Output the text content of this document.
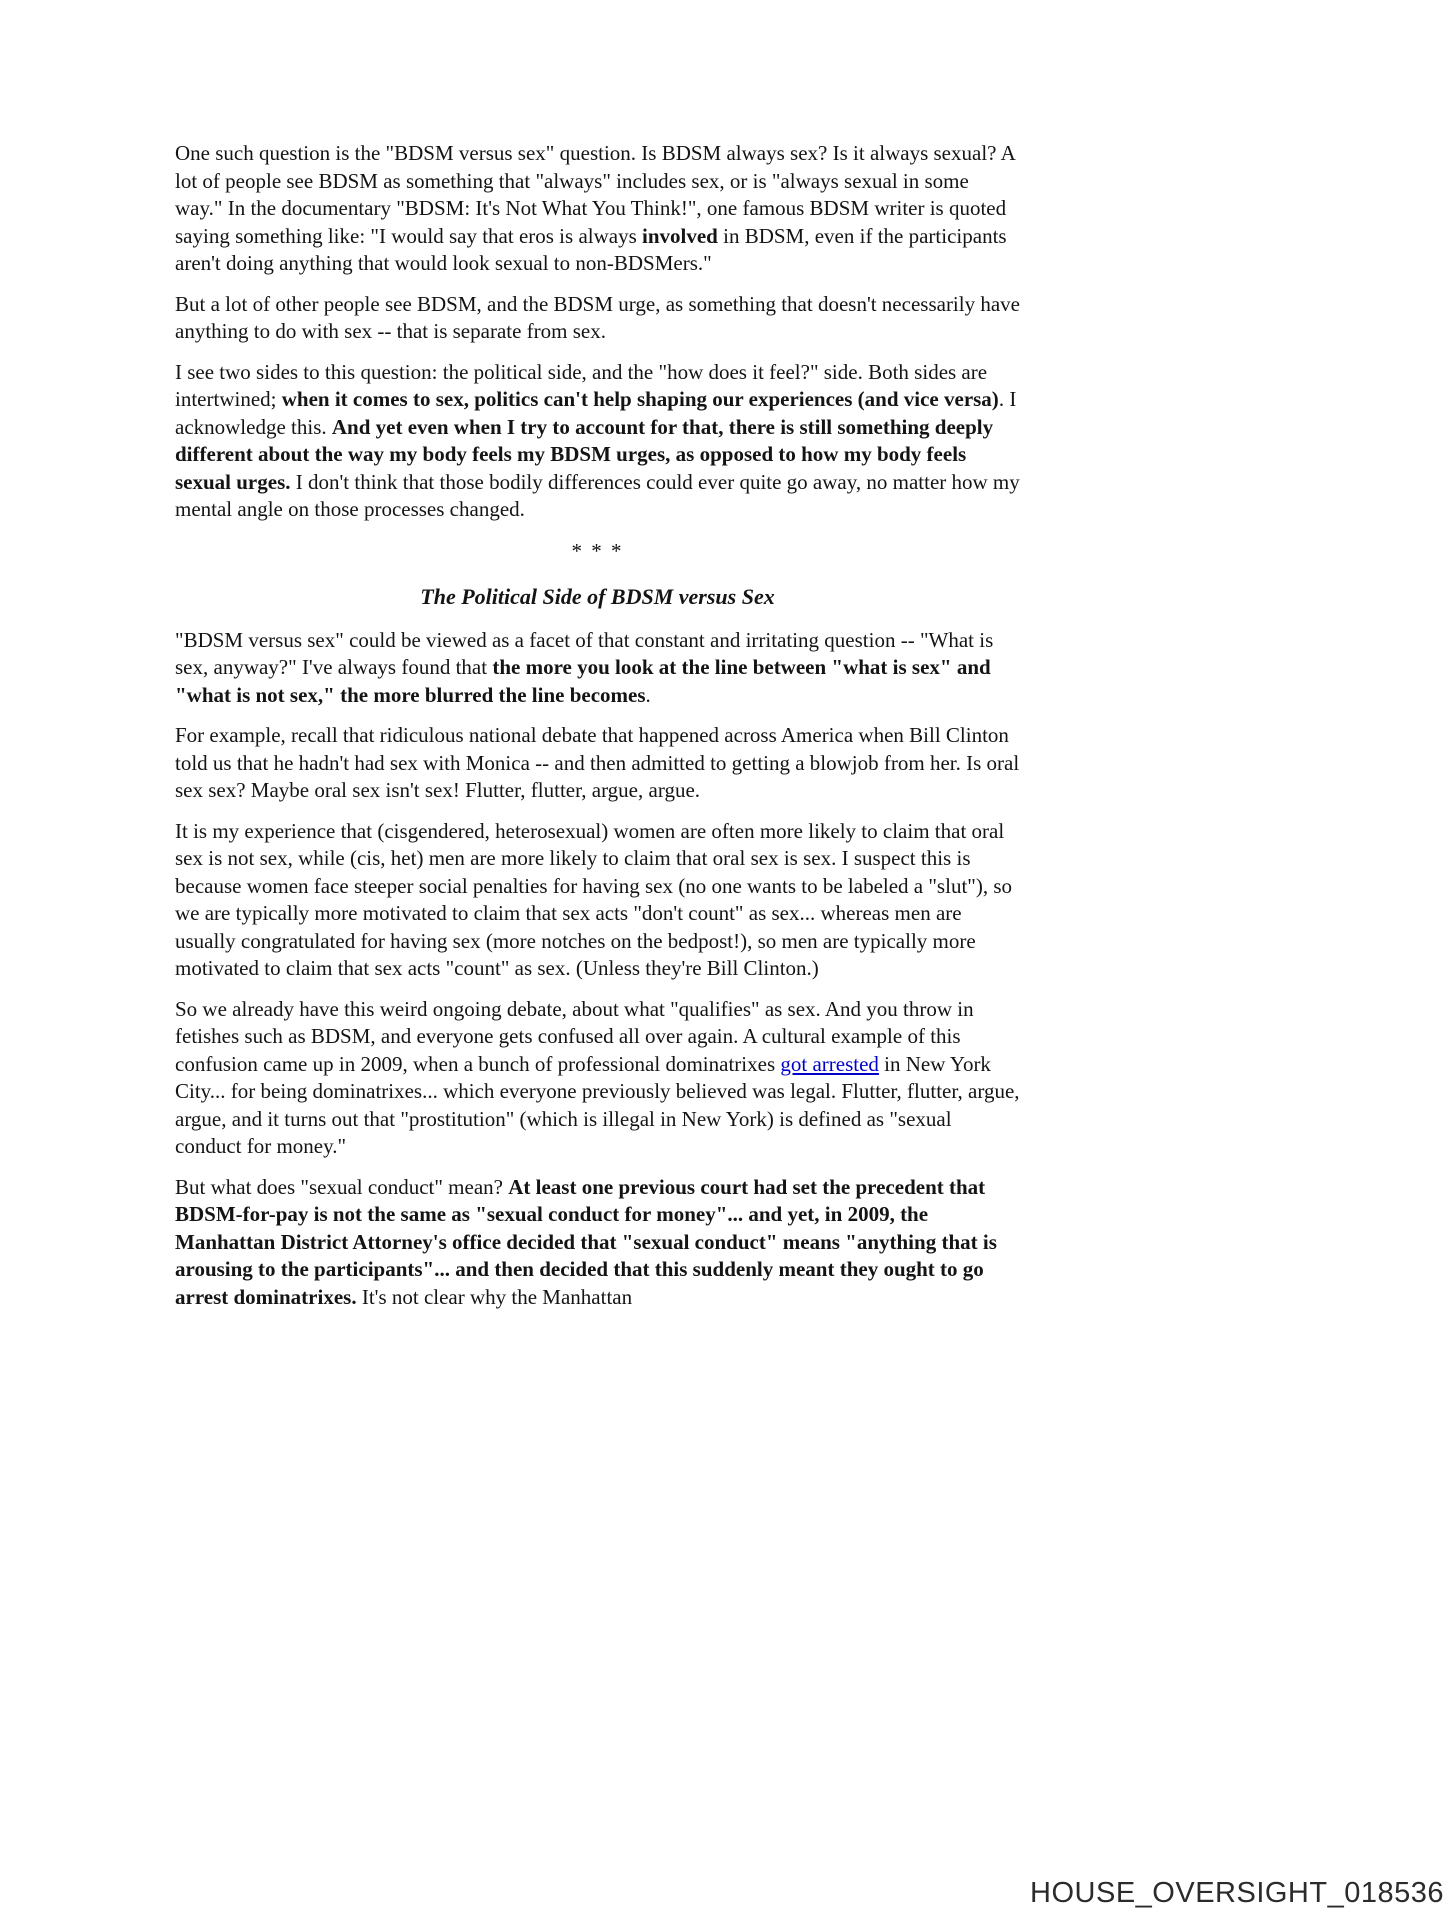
One such question is the "BDSM versus sex" question. Is BDSM always sex? Is it always sexual? A lot of people see BDSM as something that "always" includes sex, or is "always sexual in some way." In the documentary "BDSM: It's Not What You Think!", one famous BDSM writer is quoted saying something like: "I would say that eros is always involved in BDSM, even if the participants aren't doing anything that would look sexual to non-BDSMers."

But a lot of other people see BDSM, and the BDSM urge, as something that doesn't necessarily have anything to do with sex -- that is separate from sex.

I see two sides to this question: the political side, and the "how does it feel?" side. Both sides are intertwined; when it comes to sex, politics can't help shaping our experiences (and vice versa). I acknowledge this. And yet even when I try to account for that, there is still something deeply different about the way my body feels my BDSM urges, as opposed to how my body feels sexual urges. I don't think that those bodily differences could ever quite go away, no matter how my mental angle on those processes changed.

* * *

The Political Side of BDSM versus Sex

"BDSM versus sex" could be viewed as a facet of that constant and irritating question -- "What is sex, anyway?" I've always found that the more you look at the line between "what is sex" and "what is not sex," the more blurred the line becomes.

For example, recall that ridiculous national debate that happened across America when Bill Clinton told us that he hadn't had sex with Monica -- and then admitted to getting a blowjob from her. Is oral sex sex? Maybe oral sex isn't sex! Flutter, flutter, argue, argue.

It is my experience that (cisgendered, heterosexual) women are often more likely to claim that oral sex is not sex, while (cis, het) men are more likely to claim that oral sex is sex. I suspect this is because women face steeper social penalties for having sex (no one wants to be labeled a "slut"), so we are typically more motivated to claim that sex acts "don't count" as sex... whereas men are usually congratulated for having sex (more notches on the bedpost!), so men are typically more motivated to claim that sex acts "count" as sex. (Unless they're Bill Clinton.)

So we already have this weird ongoing debate, about what "qualifies" as sex. And you throw in fetishes such as BDSM, and everyone gets confused all over again. A cultural example of this confusion came up in 2009, when a bunch of professional dominatrixes got arrested in New York City... for being dominatrixes... which everyone previously believed was legal. Flutter, flutter, argue, argue, and it turns out that "prostitution" (which is illegal in New York) is defined as "sexual conduct for money."

But what does "sexual conduct" mean? At least one previous court had set the precedent that BDSM-for-pay is not the same as "sexual conduct for money"... and yet, in 2009, the Manhattan District Attorney's office decided that "sexual conduct" means "anything that is arousing to the participants"... and then decided that this suddenly meant they ought to go arrest dominatrixes. It's not clear why the Manhattan

HOUSE_OVERSIGHT_018536
